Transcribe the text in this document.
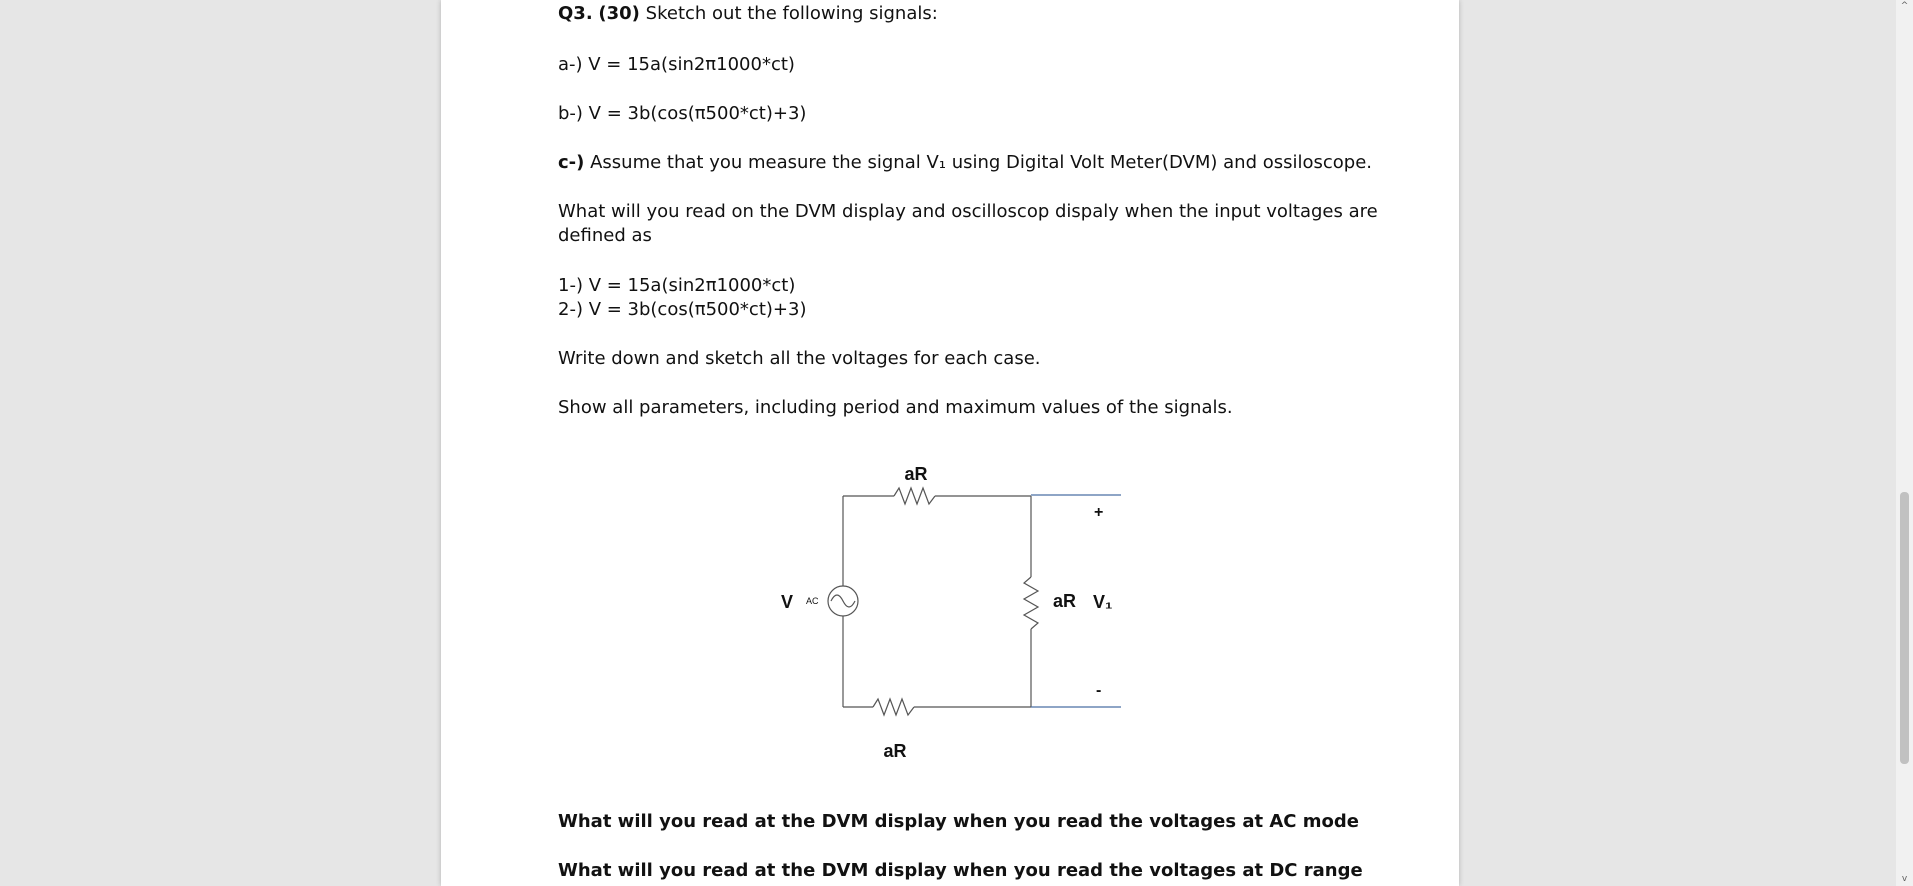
Q3. (30) Sketch out the following signals:
a-) V = 15a(sin2π1000*ct)
b-) V = 3b(cos(π500*ct)+3)
c-) Assume that you measure the signal V₁ using Digital Volt Meter(DVM) and ossiloscope.
What will you read on the DVM display and oscilloscop dispaly when the input voltages are
defined as
1-) V = 15a(sin2π1000*ct)
2-) V = 3b(cos(π500*ct)+3)
Write down and sketch all the voltages for each case.
Show all parameters, including period and maximum values of the signals.
aR
aR
aR
V AC	V₁
+
-
What will you read at the DVM display when you read the voltages at AC mode
What will you read at the DVM display when you read the voltages at DC range
^
v
